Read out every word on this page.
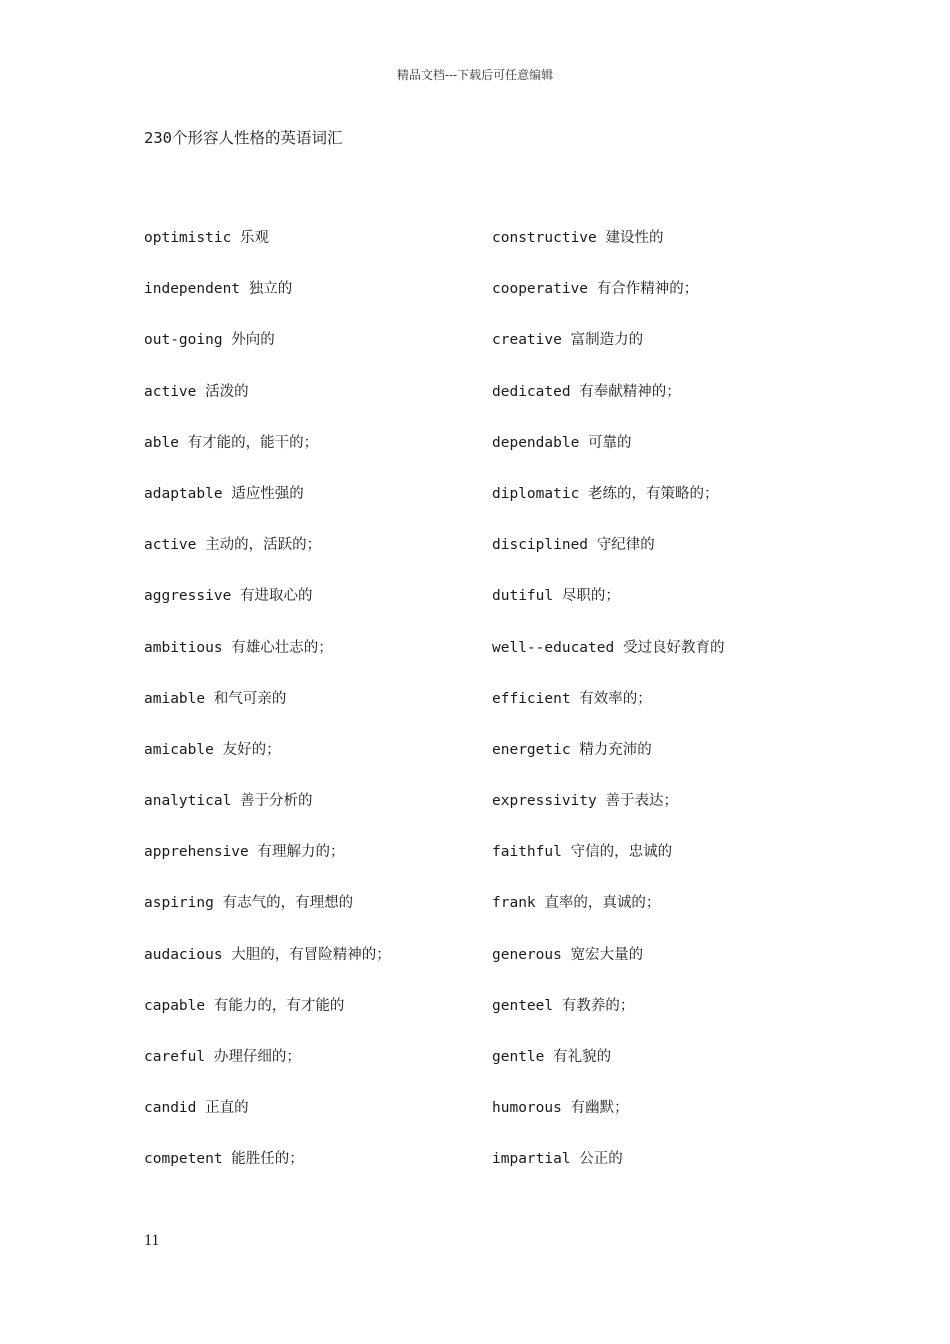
精品文档---下载后可任意编辑
230个形容人性格的英语词汇
optimistic 乐观
independent 独立的
out-going 外向的
active 活泼的
able 有才能的，能干的；
adaptable 适应性强的
active 主动的，活跃的；
aggressive 有进取心的
ambitious 有雄心壮志的；
amiable 和气可亲的
amicable 友好的；
analytical 善于分析的
apprehensive 有理解力的；
aspiring 有志气的，有理想的
audacious 大胆的，有冒险精神的；
capable 有能力的，有才能的
careful 办理仔细的；
candid 正直的
competent 能胜任的；
constructive 建设性的
cooperative 有合作精神的；
creative 富制造力的
dedicated 有奉献精神的；
dependable 可靠的
diplomatic 老练的，有策略的；
disciplined 守纪律的
dutiful 尽职的；
well--educated 受过良好教育的
efficient 有效率的；
energetic 精力充沛的
expressivity 善于表达；
faithful 守信的，忠诚的
frank 直率的，真诚的；
generous 宽宏大量的
genteel 有教养的；
gentle 有礼貌的
humorous 有幽默；
impartial 公正的
11
